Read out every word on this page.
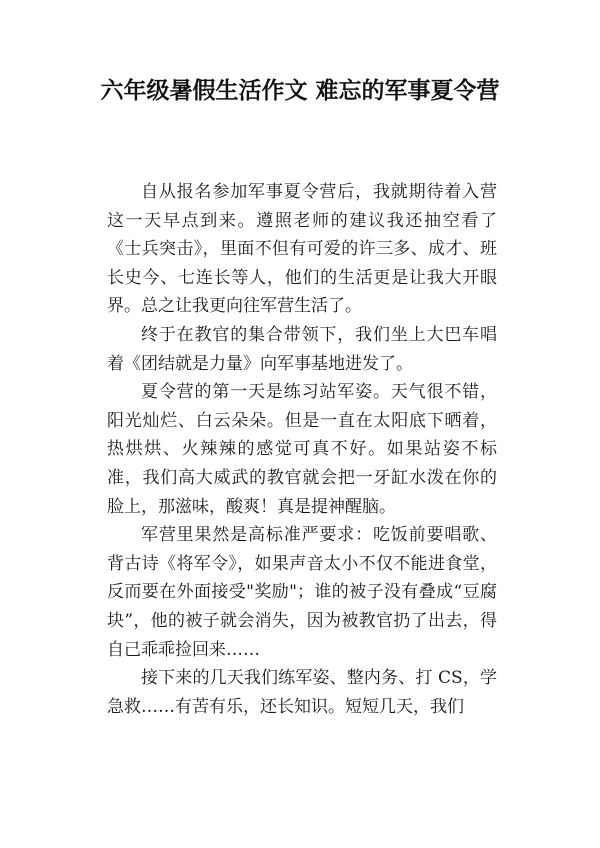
六年级暑假生活作文 难忘的军事夏令营

自从报名参加军事夏令营后，我就期待着入营这一天早点到来。遵照老师的建议我还抽空看了《士兵突击》，里面不但有可爱的许三多、成才、班长史今、七连长等人，他们的生活更是让我大开眼界。总之让我更向往军营生活了。

终于在教官的集合带领下，我们坐上大巴车唱着《团结就是力量》向军事基地进发了。

夏令营的第一天是练习站军姿。天气很不错，阳光灿烂、白云朵朵。但是一直在太阳底下晒着，热烘烘、火辣辣的感觉可真不好。如果站姿不标准，我们高大威武的教官就会把一牙缸水泼在你的脸上，那滋味，酸爽！真是提神醒脑。

军营里果然是高标准严要求：吃饭前要唱歌、背古诗《将军令》，如果声音太小不仅不能进食堂，反而要在外面接受"奖励"；谁的被子没有叠成“豆腐块”，他的被子就会消失，因为被教官扔了出去，得自己乖乖捡回来……

接下来的几天我们练军姿、整内务、打 CS，学急救……有苦有乐，还长知识。短短几天，我们
